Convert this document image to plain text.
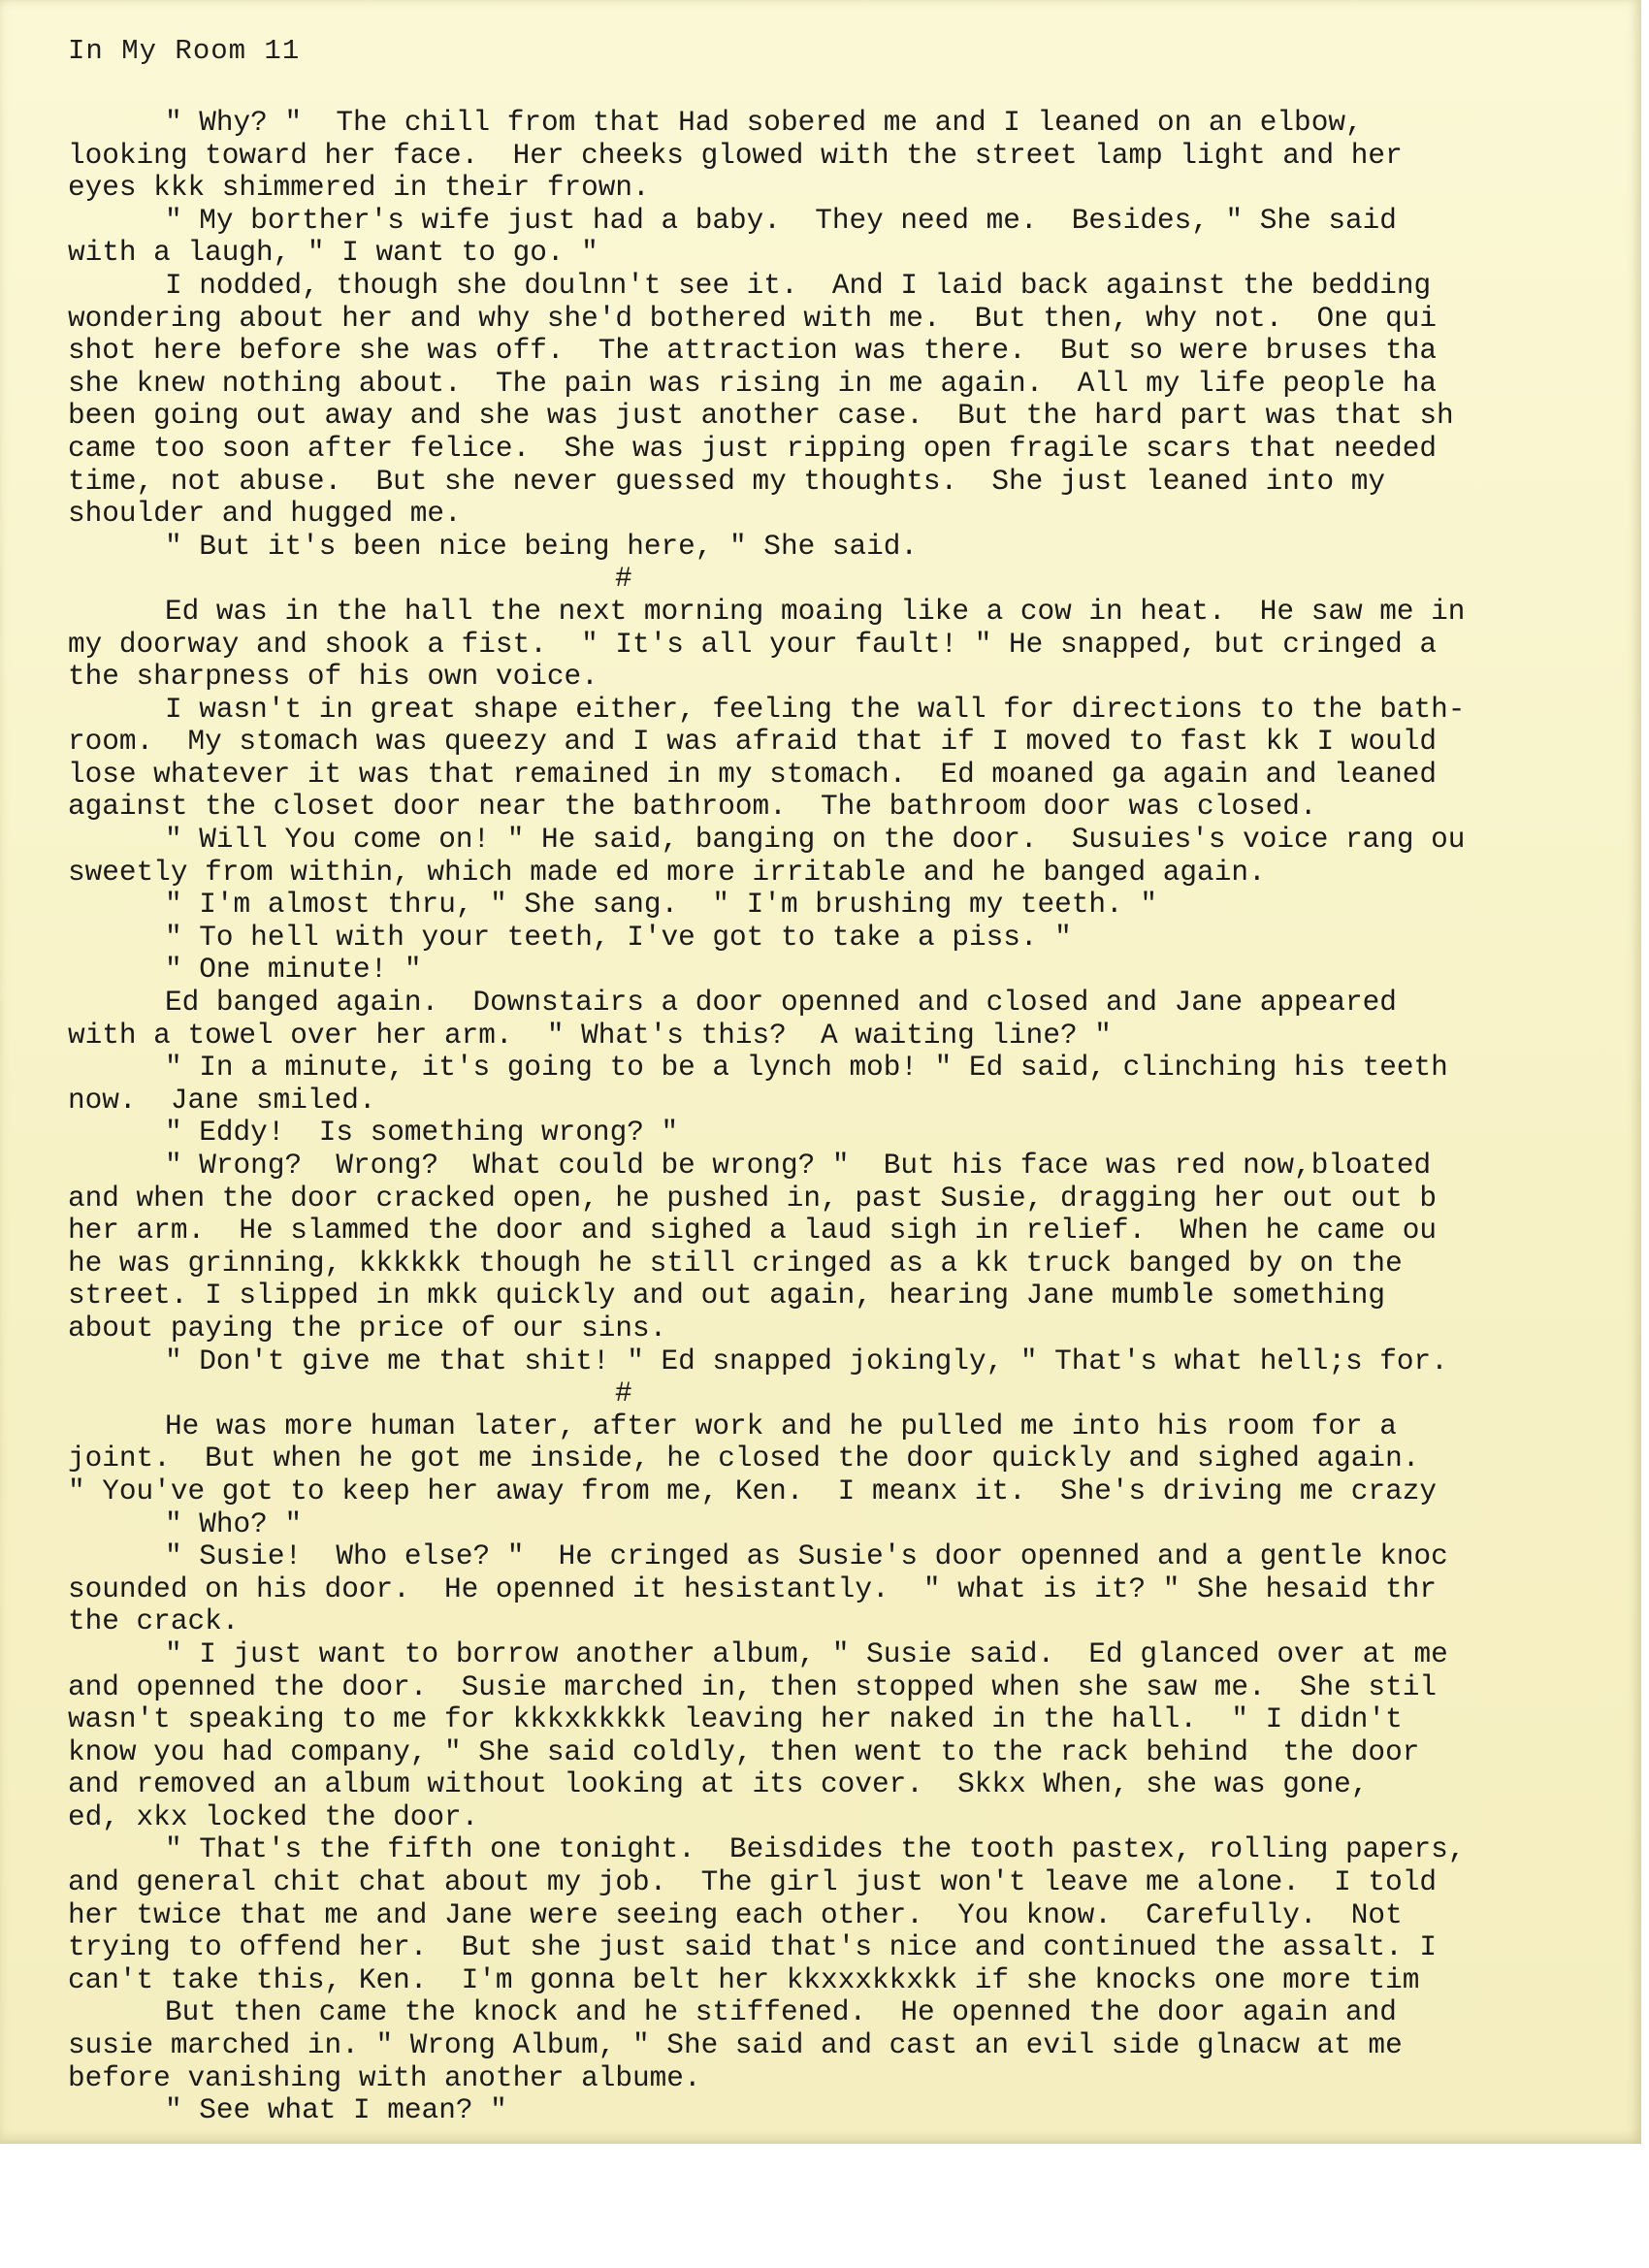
In My Room 11
" Why? "  The chill from that Had sobered me and I leaned on an elbow,
looking toward her face.  Her cheeks glowed with the street lamp light and her
eyes kkk shimmered in their frown.
" My borther's wife just had a baby.  They need me.  Besides, " She said
with a laugh, " I want to go. "
I nodded, though she doulnn't see it.  And I laid back against the bedding
wondering about her and why she'd bothered with me.  But then, why not.  One qui
shot here before she was off.  The attraction was there.  But so were bruses tha
she knew nothing about.  The pain was rising in me again.  All my life people ha
been going out away and she was just another case.  But the hard part was that sh
came too soon after felice.  She was just ripping open fragile scars that needed
time, not abuse.  But she never guessed my thoughts.  She just leaned into my
shoulder and hugged me.
" But it's been nice being here, " She said.
#
Ed was in the hall the next morning moaing like a cow in heat.  He saw me in
my doorway and shook a fist.  " It's all your fault! " He snapped, but cringed a
the sharpness of his own voice.
I wasn't in great shape either, feeling the wall for directions to the bath-
room.  My stomach was queezy and I was afraid that if I moved to fast kk I would
lose whatever it was that remained in my stomach.  Ed moaned ga again and leaned
against the closet door near the bathroom.  The bathroom door was closed.
" Will You come on! " He said, banging on the door.  Susuies's voice rang ou
sweetly from within, which made ed more irritable and he banged again.
" I'm almost thru, " She sang.  " I'm brushing my teeth. "
" To hell with your teeth, I've got to take a piss. "
" One minute! "
Ed banged again.  Downstairs a door openned and closed and Jane appeared
with a towel over her arm.  " What's this?  A waiting line? "
" In a minute, it's going to be a lynch mob! " Ed said, clinching his teeth
now.  Jane smiled.
" Eddy!  Is something wrong? "
" Wrong?  Wrong?  What could be wrong? "  But his face was red now,bloated
and when the door cracked open, he pushed in, past Susie, dragging her out out b
her arm.  He slammed the door and sighed a laud sigh in relief.  When he came ou
he was grinning, kkkkkk though he still cringed as a kk truck banged by on the
street. I slipped in mkk quickly and out again, hearing Jane mumble something
about paying the price of our sins.
" Don't give me that shit! " Ed snapped jokingly, " That's what hell;s for.
#
He was more human later, after work and he pulled me into his room for a
joint.  But when he got me inside, he closed the door quickly and sighed again.
" You've got to keep her away from me, Ken.  I meanx it.  She's driving me crazy
" Who? "
" Susie!  Who else? "  He cringed as Susie's door openned and a gentle knoc
sounded on his door.  He openned it hesistantly.  " what is it? " She hesaid thr
the crack.
" I just want to borrow another album, " Susie said.  Ed glanced over at me
and openned the door.  Susie marched in, then stopped when she saw me.  She stil
wasn't speaking to me for kkkxkkkkk leaving her naked in the hall.  " I didn't
know you had company, " She said coldly, then went to the rack behind  the door
and removed an album without looking at its cover.  Skkx When, she was gone,
ed, xkx locked the door.
" That's the fifth one tonight.  Beisdides the tooth pastex, rolling papers,
and general chit chat about my job.  The girl just won't leave me alone.  I told
her twice that me and Jane were seeing each other.  You know.  Carefully.  Not
trying to offend her.  But she just said that's nice and continued the assalt. I
can't take this, Ken.  I'm gonna belt her kkxxxkkxkk if she knocks one more tim
But then came the knock and he stiffened.  He openned the door again and
susie marched in. " Wrong Album, " She said and cast an evil side glnacw at me
before vanishing with another albume.
" See what I mean? "
